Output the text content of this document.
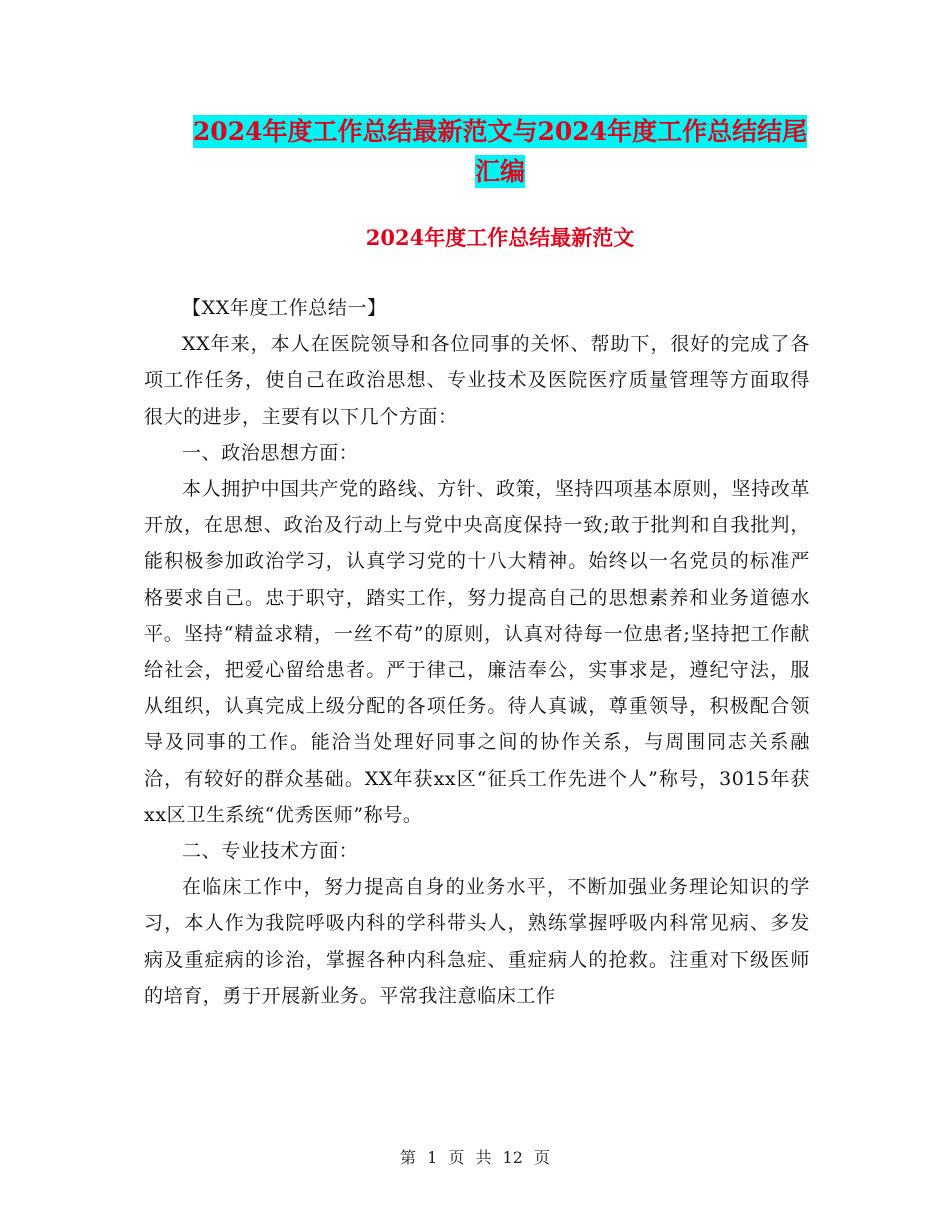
2024年度工作总结最新范文与2024年度工作总结结尾
汇编
2024年度工作总结最新范文

【XX年度工作总结一】

XX年来，本人在医院领导和各位同事的关怀、帮助下，很好的完成了各项工作任务，使自己在政治思想、专业技术及医院医疗质量管理等方面取得很大的进步，主要有以下几个方面：

一、政治思想方面：

本人拥护中国共产党的路线、方针、政策，坚持四项基本原则，坚持改革开放，在思想、政治及行动上与党中央高度保持一致;敢于批判和自我批判，能积极参加政治学习，认真学习党的十八大精神。始终以一名党员的标准严格要求自己。忠于职守，踏实工作，努力提高自己的思想素养和业务道德水平。坚持“精益求精，一丝不苟”的原则，认真对待每一位患者;坚持把工作献给社会，把爱心留给患者。严于律己，廉洁奉公，实事求是，遵纪守法，服从组织，认真完成上级分配的各项任务。待人真诚，尊重领导，积极配合领导及同事的工作。能洽当处理好同事之间的协作关系，与周围同志关系融洽，有较好的群众基础。XX年获xx区“征兵工作先进个人”称号，3015年获xx区卫生系统“优秀医师”称号。

二、专业技术方面：

在临床工作中，努力提高自身的业务水平，不断加强业务理论知识的学习，本人作为我院呼吸内科的学科带头人，熟练掌握呼吸内科常见病、多发病及重症病的诊治，掌握各种内科急症、重症病人的抢救。注重对下级医师的培育，勇于开展新业务。平常我注意临床工作

第 1 页 共 12 页
